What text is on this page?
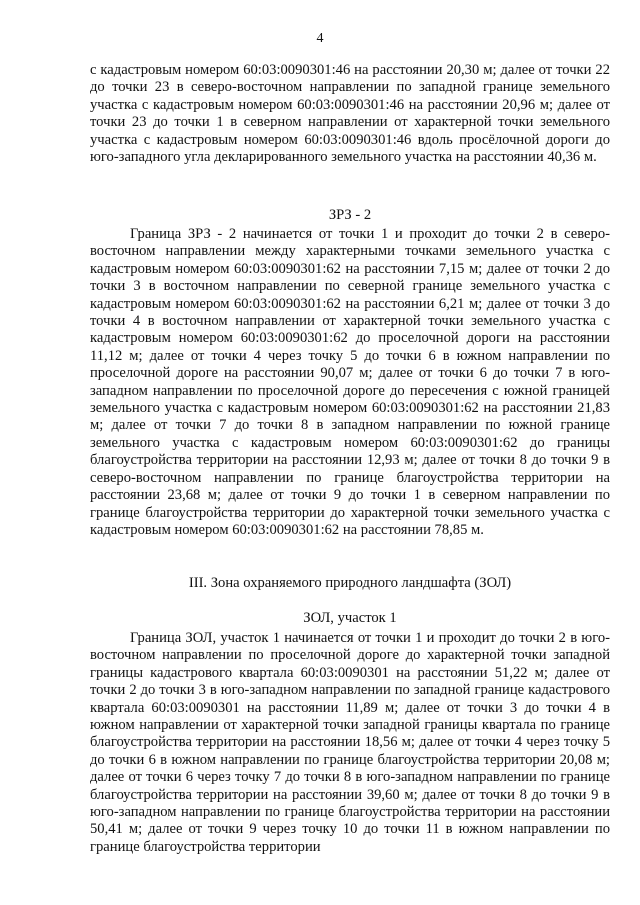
4

с кадастровым номером 60:03:0090301:46 на расстоянии 20,30 м; далее от точки 22 до точки 23 в северо-восточном направлении по западной границе земельного участка с кадастровым номером 60:03:0090301:46 на расстоянии 20,96 м; далее от точки 23 до точки 1 в северном направлении от характерной точки земельного участка с кадастровым номером 60:03:0090301:46 вдоль просёлочной дороги до юго-западного угла декларированного земельного участка на расстоянии 40,36 м.

ЗРЗ - 2

Граница ЗРЗ - 2 начинается от точки 1 и проходит до точки 2 в северо-восточном направлении между характерными точками земельного участка с кадастровым номером 60:03:0090301:62 на расстоянии 7,15 м; далее от точки 2 до точки 3 в восточном направлении по северной границе земельного участка с кадастровым номером 60:03:0090301:62 на расстоянии 6,21 м; далее от точки 3 до точки 4 в восточном направлении от характерной точки земельного участка с кадастровым номером 60:03:0090301:62 до проселочной дороги на расстоянии 11,12 м; далее от точки 4 через точку 5 до точки 6 в южном направлении по проселочной дороге на расстоянии 90,07 м; далее от точки 6 до точки 7 в юго-западном направлении по проселочной дороге до пересечения с южной границей земельного участка с кадастровым номером 60:03:0090301:62 на расстоянии 21,83 м; далее от точки 7 до точки 8 в западном направлении по южной границе земельного участка с кадастровым номером 60:03:0090301:62 до границы благоустройства территории на расстоянии 12,93 м; далее от точки 8 до точки 9 в северо-восточном направлении по границе благоустройства территории на расстоянии 23,68 м; далее от точки 9 до точки 1 в северном направлении по границе благоустройства территории до характерной точки земельного участка с кадастровым номером 60:03:0090301:62 на расстоянии 78,85 м.

III. Зона охраняемого природного ландшафта (ЗОЛ)
ЗОЛ, участок 1

Граница ЗОЛ, участок 1 начинается от точки 1 и проходит до точки 2 в юго-восточном направлении по проселочной дороге до характерной точки западной границы кадастрового квартала 60:03:0090301 на расстоянии 51,22 м; далее от точки 2 до точки 3 в юго-западном направлении по западной границе кадастрового квартала 60:03:0090301 на расстоянии 11,89 м; далее от точки 3 до точки 4 в южном направлении от характерной точки западной границы квартала по границе благоустройства территории на расстоянии 18,56 м; далее от точки 4 через точку 5 до точки 6 в южном направлении по границе благоустройства территории 20,08 м; далее от точки 6 через точку 7 до точки 8 в юго-западном направлении по границе благоустройства территории на расстоянии 39,60 м; далее от точки 8 до точки 9 в юго-западном направлении по границе благоустройства территории на расстоянии 50,41 м; далее от точки 9 через точку 10 до точки 11 в южном направлении по границе благоустройства территории
